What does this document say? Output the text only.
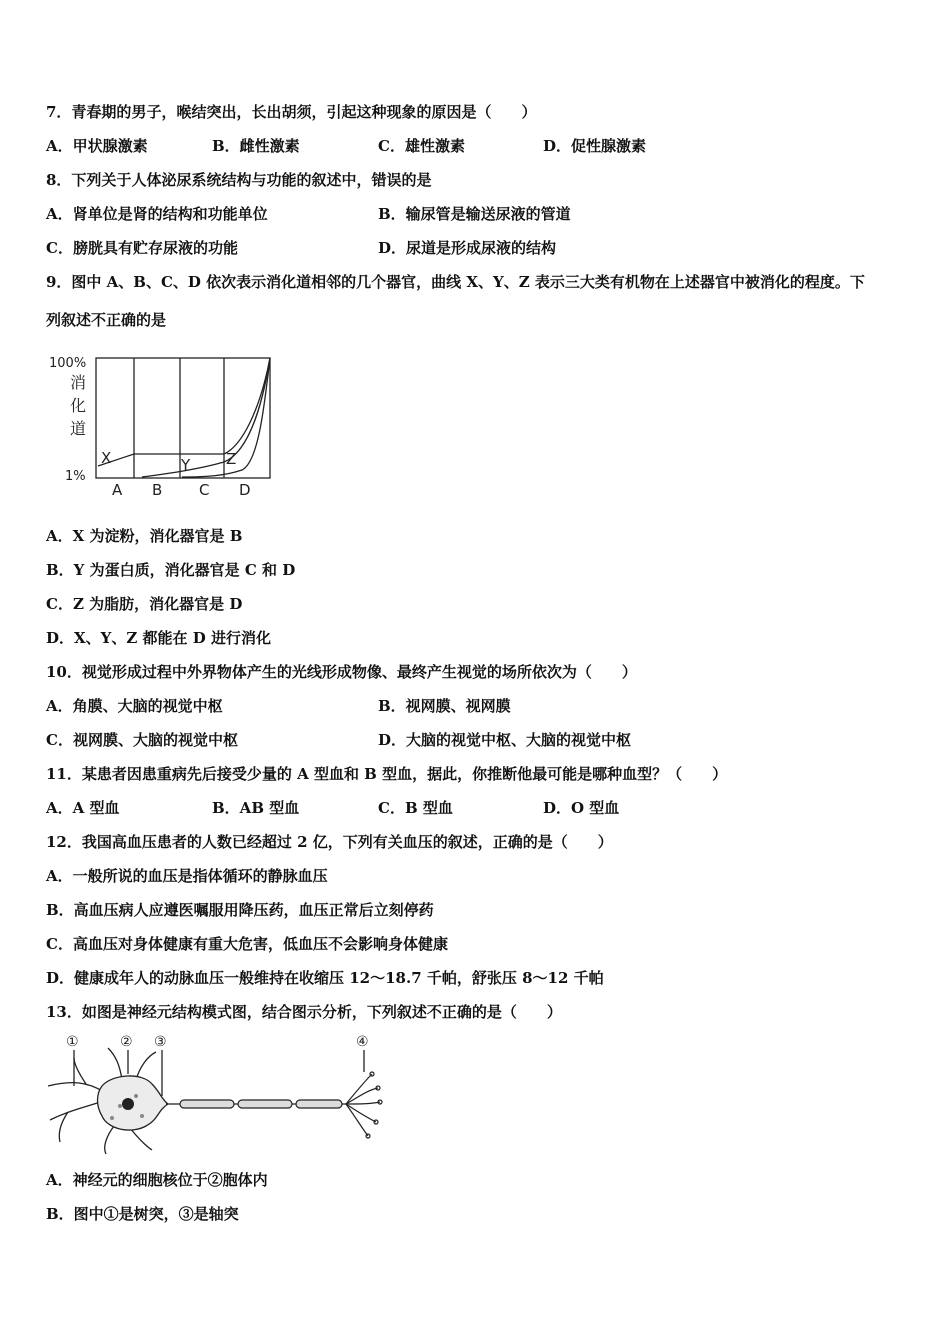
7．青春期的男子，喉结突出，长出胡须，引起这种现象的原因是（　　）
A．甲状腺激素	B．雌性激素	C．雄性激素	D．促性腺激素
8．下列关于人体泌尿系统结构与功能的叙述中，错误的是
A．肾单位是肾的结构和功能单位	B．输尿管是输送尿液的管道
C．膀胱具有贮存尿液的功能	D．尿道是形成尿液的结构
9．图中 A、B、C、D 依次表示消化道相邻的几个器官，曲线 X、Y、Z 表示三大类有机物在上述器官中被消化的程度。下
列叙述不正确的是
100%
消
化
道
1%
X	Y Z
A B C D
A．X 为淀粉，消化器官是 B
B．Y 为蛋白质，消化器官是 C 和 D
C．Z 为脂肪，消化器官是 D
D．X、Y、Z 都能在 D 进行消化
10．视觉形成过程中外界物体产生的光线形成物像、最终产生视觉的场所依次为（　　）
A．角膜、大脑的视觉中枢	B．视网膜、视网膜
C．视网膜、大脑的视觉中枢	D．大脑的视觉中枢、大脑的视觉中枢
11．某患者因患重病先后接受少量的 A 型血和 B 型血，据此，你推断他最可能是哪种血型？（　　）
A．A 型血	B．AB 型血	C．B 型血	D．O 型血
12．我国高血压患者的人数已经超过 2 亿，下列有关血压的叙述，正确的是（　　）
A．一般所说的血压是指体循环的静脉血压
B．高血压病人应遵医嘱服用降压药，血压正常后立刻停药
C．高血压对身体健康有重大危害，低血压不会影响身体健康
D．健康成年人的动脉血压一般维持在收缩压 12～18.7 千帕，舒张压 8～12 千帕
13．如图是神经元结构模式图，结合图示分析，下列叙述不正确的是（　　）
①	② ③	④
A．神经元的细胞核位于②胞体内
B．图中①是树突，③是轴突
